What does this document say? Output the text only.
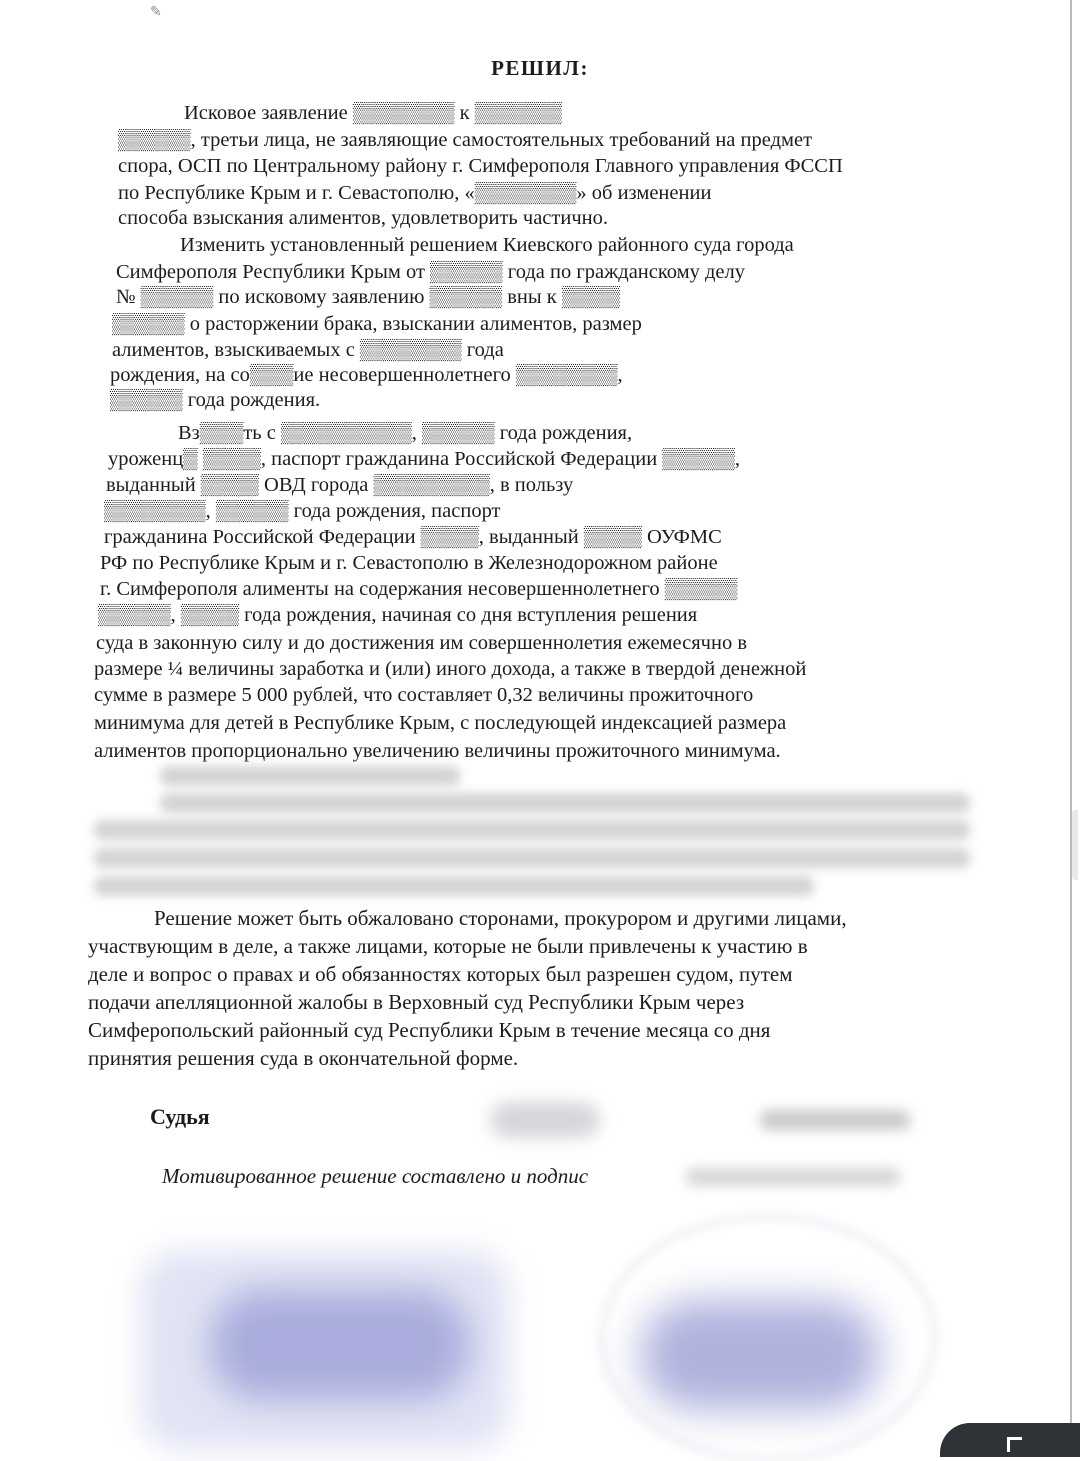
✎
РЕШИЛ:
Исковое заявление ▒▒▒▒▒▒▒ к ▒▒▒▒▒▒
▒▒▒▒▒, третьи лица, не заявляющие самостоятельных требований на предмет
спора, ОСП по Центральному району г. Симферополя Главного управления ФССП
по Республике Крым и г. Севастополю, «▒▒▒▒▒▒▒» об изменении
способа взыскания алиментов, удовлетворить частично.
Изменить установленный решением Киевского районного суда города
Симферополя Республики Крым от ▒▒▒▒▒ года по гражданскому делу
№ ▒▒▒▒▒ по исковому заявлению ▒▒▒▒▒ вны к ▒▒▒▒
▒▒▒▒▒ о расторжении брака, взыскании алиментов, размер
алиментов, взыскиваемых с ▒▒▒▒▒▒▒ года
рождения, на со▒▒▒ие несовершеннолетнего ▒▒▒▒▒▒▒,
▒▒▒▒▒ года рождения.
Вз▒▒▒ть с ▒▒▒▒▒▒▒▒▒, ▒▒▒▒▒ года рождения,
уроженц▒ ▒▒▒▒, паспорт гражданина Российской Федерации ▒▒▒▒▒,
выданный ▒▒▒▒ ОВД города ▒▒▒▒▒▒▒▒, в пользу
▒▒▒▒▒▒▒, ▒▒▒▒▒ года рождения, паспорт
гражданина Российской Федерации ▒▒▒▒, выданный ▒▒▒▒ ОУФМС
РФ по Республике Крым и г. Севастополю в Железнодорожном районе
г. Симферополя алименты на содержания несовершеннолетнего ▒▒▒▒▒
▒▒▒▒▒, ▒▒▒▒ года рождения, начиная со дня вступления решения
суда в законную силу и до достижения им совершеннолетия ежемесячно в
размере ¼ величины заработка и (или) иного дохода, а также в твердой денежной
сумме в размере 5 000 рублей, что составляет 0,32 величины прожиточного
минимума для детей в Республике Крым, с последующей индексацией размера
алиментов пропорционально увеличению величины прожиточного минимума.
Решение может быть обжаловано сторонами, прокурором и другими лицами,
участвующим в деле, а также лицами, которые не были привлечены к участию в
деле и вопрос о правах и об обязанностях которых был разрешен судом, путем
подачи апелляционной жалобы в Верховный суд Республики Крым через
Симферопольский районный суд Республики Крым в течение месяца со дня
принятия решения суда в окончательной форме.
Судья
Мотивированное решение составлено и подпис
